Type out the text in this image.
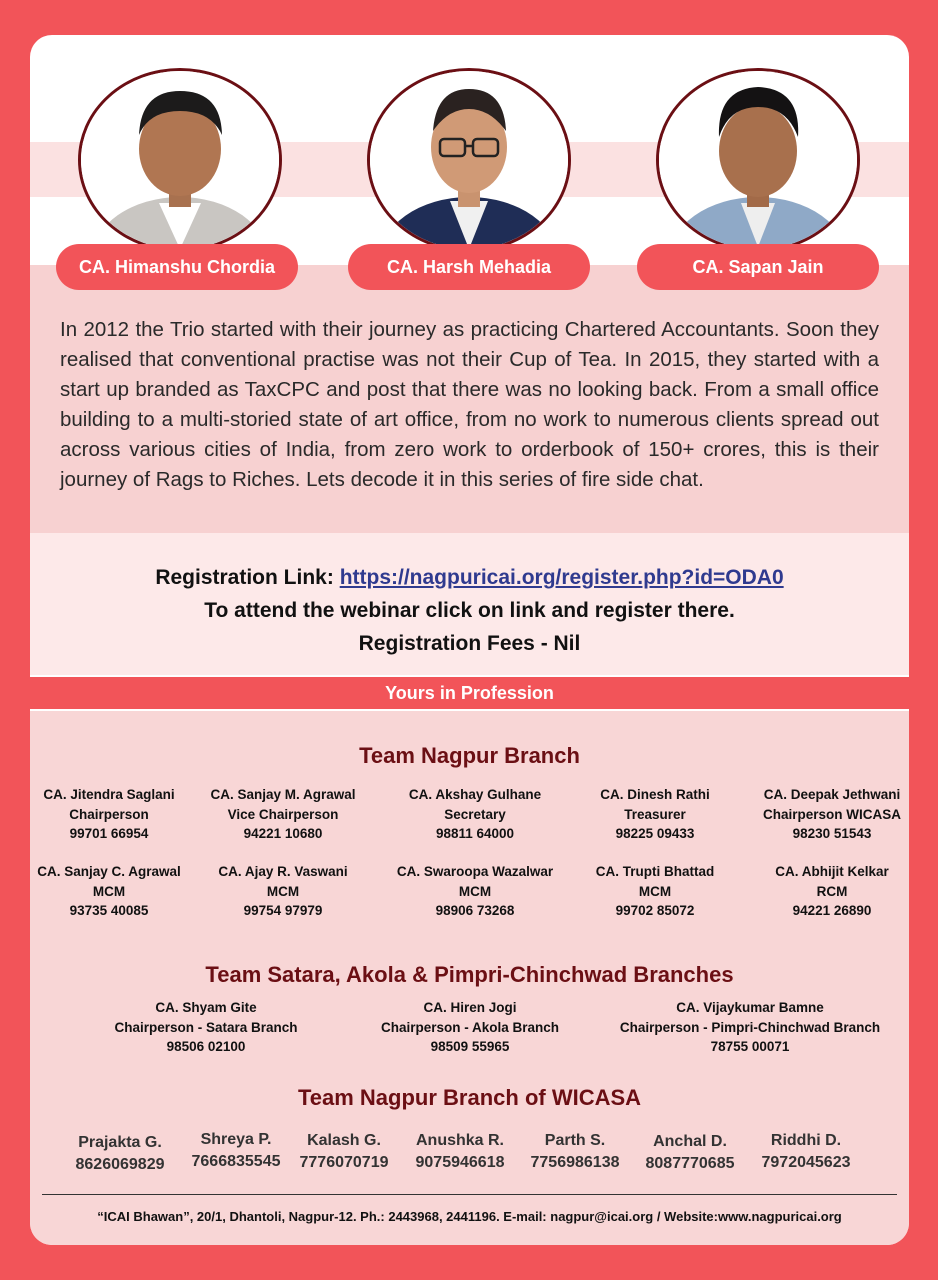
CA. Himanshu Chordia	CA. Harsh Mehadia	CA. Sapan Jain
In 2012 the Trio started with their journey as practicing Chartered Accountants. Soon they realised that conventional practise was not their Cup of Tea. In 2015, they started with a start up branded as TaxCPC and post that there was no looking back. From a small office building to a multi-storied state of art office, from no work to numerous clients spread out across various cities of India, from zero work to orderbook of 150+ crores, this is their journey of Rags to Riches. Lets decode it in this series of fire side chat.
Registration Link: https://nagpuricai.org/register.php?id=ODA0
To attend the webinar click on link and register there.
Registration Fees - Nil
Yours in Profession
Team Nagpur Branch
CA. Jitendra Saglani
Chairperson
99701 66954
CA. Sanjay M. Agrawal
Vice Chairperson
94221 10680
CA. Akshay Gulhane
Secretary
98811 64000
CA. Dinesh Rathi
Treasurer
98225 09433
CA. Deepak Jethwani
Chairperson WICASA
98230 51543
CA. Sanjay C. Agrawal
MCM
93735 40085
CA. Ajay R. Vaswani
MCM
99754 97979
CA. Swaroopa Wazalwar
MCM
98906 73268
CA. Trupti Bhattad
MCM
99702 85072
CA. Abhijit Kelkar
RCM
94221 26890
Team Satara, Akola & Pimpri-Chinchwad Branches
CA. Shyam Gite
Chairperson - Satara Branch
98506 02100
CA. Hiren Jogi
Chairperson - Akola Branch
98509 55965
CA. Vijaykumar Bamne
Chairperson - Pimpri-Chinchwad Branch
78755 00071
Team Nagpur Branch of WICASA
Prajakta G.
8626069829
Shreya P.
7666835545
Kalash G.
7776070719
Anushka R.
9075946618
Parth S.
7756986138
Anchal D.
8087770685
Riddhi D.
7972045623
“ICAI Bhawan”, 20/1, Dhantoli, Nagpur-12. Ph.: 2443968, 2441196. E-mail: nagpur@icai.org / Website:www.nagpuricai.org
